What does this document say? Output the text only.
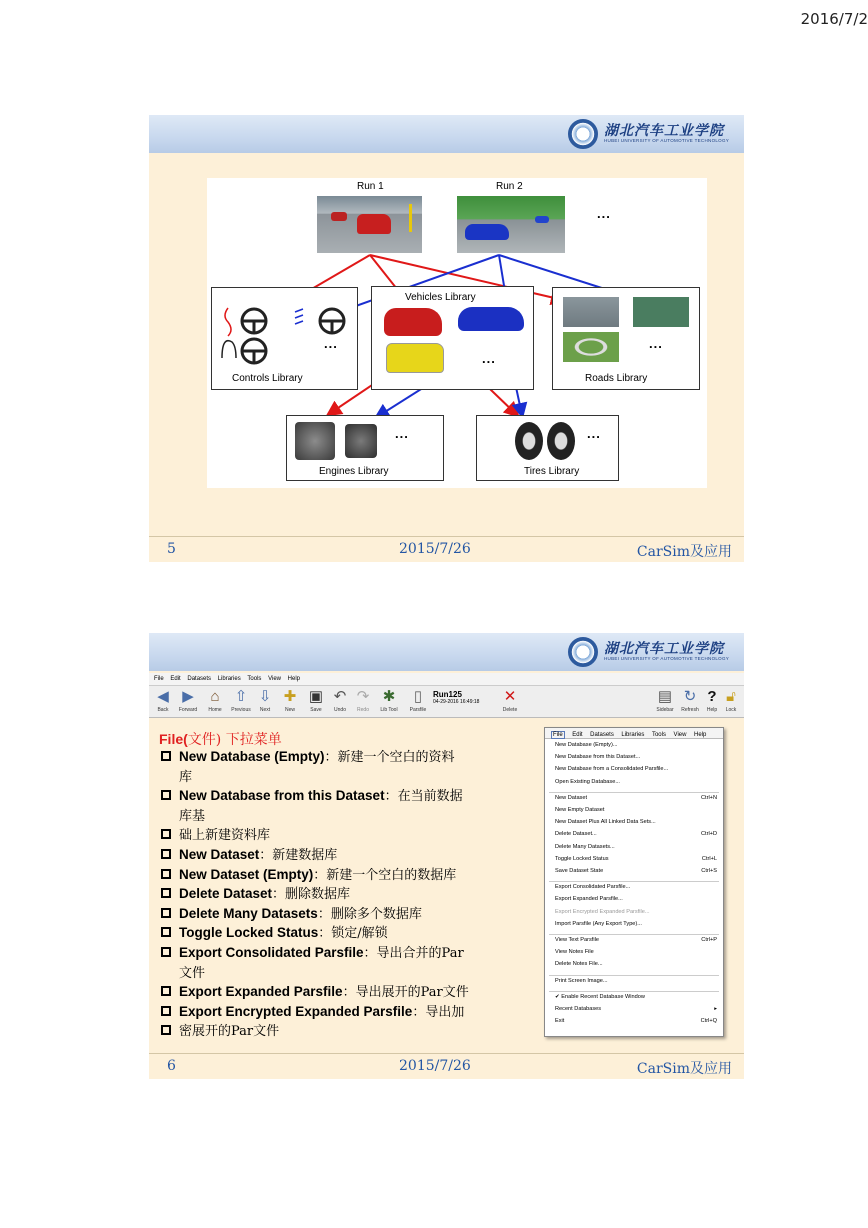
2016/7/2
湖北汽车工业学院
HUBEI UNIVERSITY OF AUTOMOTIVE TECHNOLOGY
Run 1	Run 2
...
...
Controls Library
Vehicles Library
...
...
Roads Library
...
Engines Library
...
Tires Library
5	2015/7/26	CarSim及应用
湖北汽车工业学院
HUBEI UNIVERSITY OF AUTOMOTIVE TECHNOLOGY
File Edit Datasets Libraries Tools View Help
◀
Back
▶
Forward
⌂
Home
⇧
Previous
⇩
Next
✚
New
▣
Save
↶
Undo
↷
Redo
✱
Lib Tool
▯
Parsfile
Run125
04-29-2016 16:49:18 ✕
Delete
▤
Sidebar
↻
Refresh
?
Help
🔓︎
Lock
File(文件) 下拉菜单
New Database (Empty)：新建一个空白的资料
库
New Database from this Dataset：在当前数据
库基
础上新建资料库
New Dataset：新建数据库
New Dataset (Empty)：新建一个空白的数据库
Delete Dataset：删除数据库
Delete Many Datasets：删除多个数据库
Toggle Locked Status：锁定/解锁
Export Consolidated Parsfile：导出合并的Par
文件
Export Expanded Parsfile：导出展开的Par文件
Export Encrypted Expanded Parsfile：导出加
密展开的Par文件
File Edit Datasets Libraries Tools View Help
New Database (Empty)...
New Database from this Dataset...
New Database from a Consolidated Parsfile...
Open Existing Database...
New Dataset	Ctrl+N
New Empty Dataset
New Dataset Plus All Linked Data Sets...
Delete Dataset...	Ctrl+D
Delete Many Datasets...
Toggle Locked Status	Ctrl+L
Save Dataset State	Ctrl+S
Export Consolidated Parsfile...
Export Expanded Parsfile...
Export Encrypted Expanded Parsfile...
Import Parsfile (Any Export Type)...
View Text Parsfile	Ctrl+P
View Notes File
Delete Notes File...
Print Screen Image...
✔ Enable Recent Database Window
Recent Databases	▸
Exit	Ctrl+Q
6	2015/7/26	CarSim及应用
